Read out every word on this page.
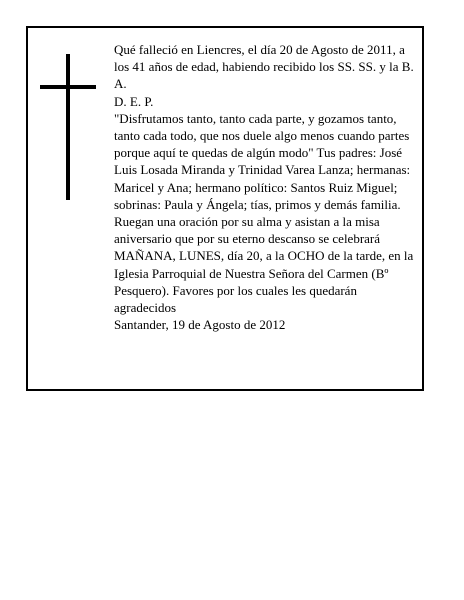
Qué falleció en Liencres, el día 20 de Agosto de 2011, a los 41 años de edad, habiendo recibido los SS. SS. y la B. A.

D. E. P.

"Disfrutamos tanto, tanto cada parte, y gozamos tanto, tanto cada todo, que nos duele algo menos cuando partes porque aquí te quedas de algún modo" Tus padres: José Luis Losada Miranda y Trinidad Varea Lanza; hermanas: Maricel y Ana; hermano político: Santos Ruiz Miguel; sobrinas: Paula y Ángela; tías, primos y demás familia.

Ruegan una oración por su alma y asistan a la misa aniversario que por su eterno descanso se celebrará MAÑANA, LUNES, día 20, a la OCHO de la tarde, en la Iglesia Parroquial de Nuestra Señora del Carmen (Bº Pesquero). Favores por los cuales les quedarán agradecidos

Santander, 19 de Agosto de 2012
